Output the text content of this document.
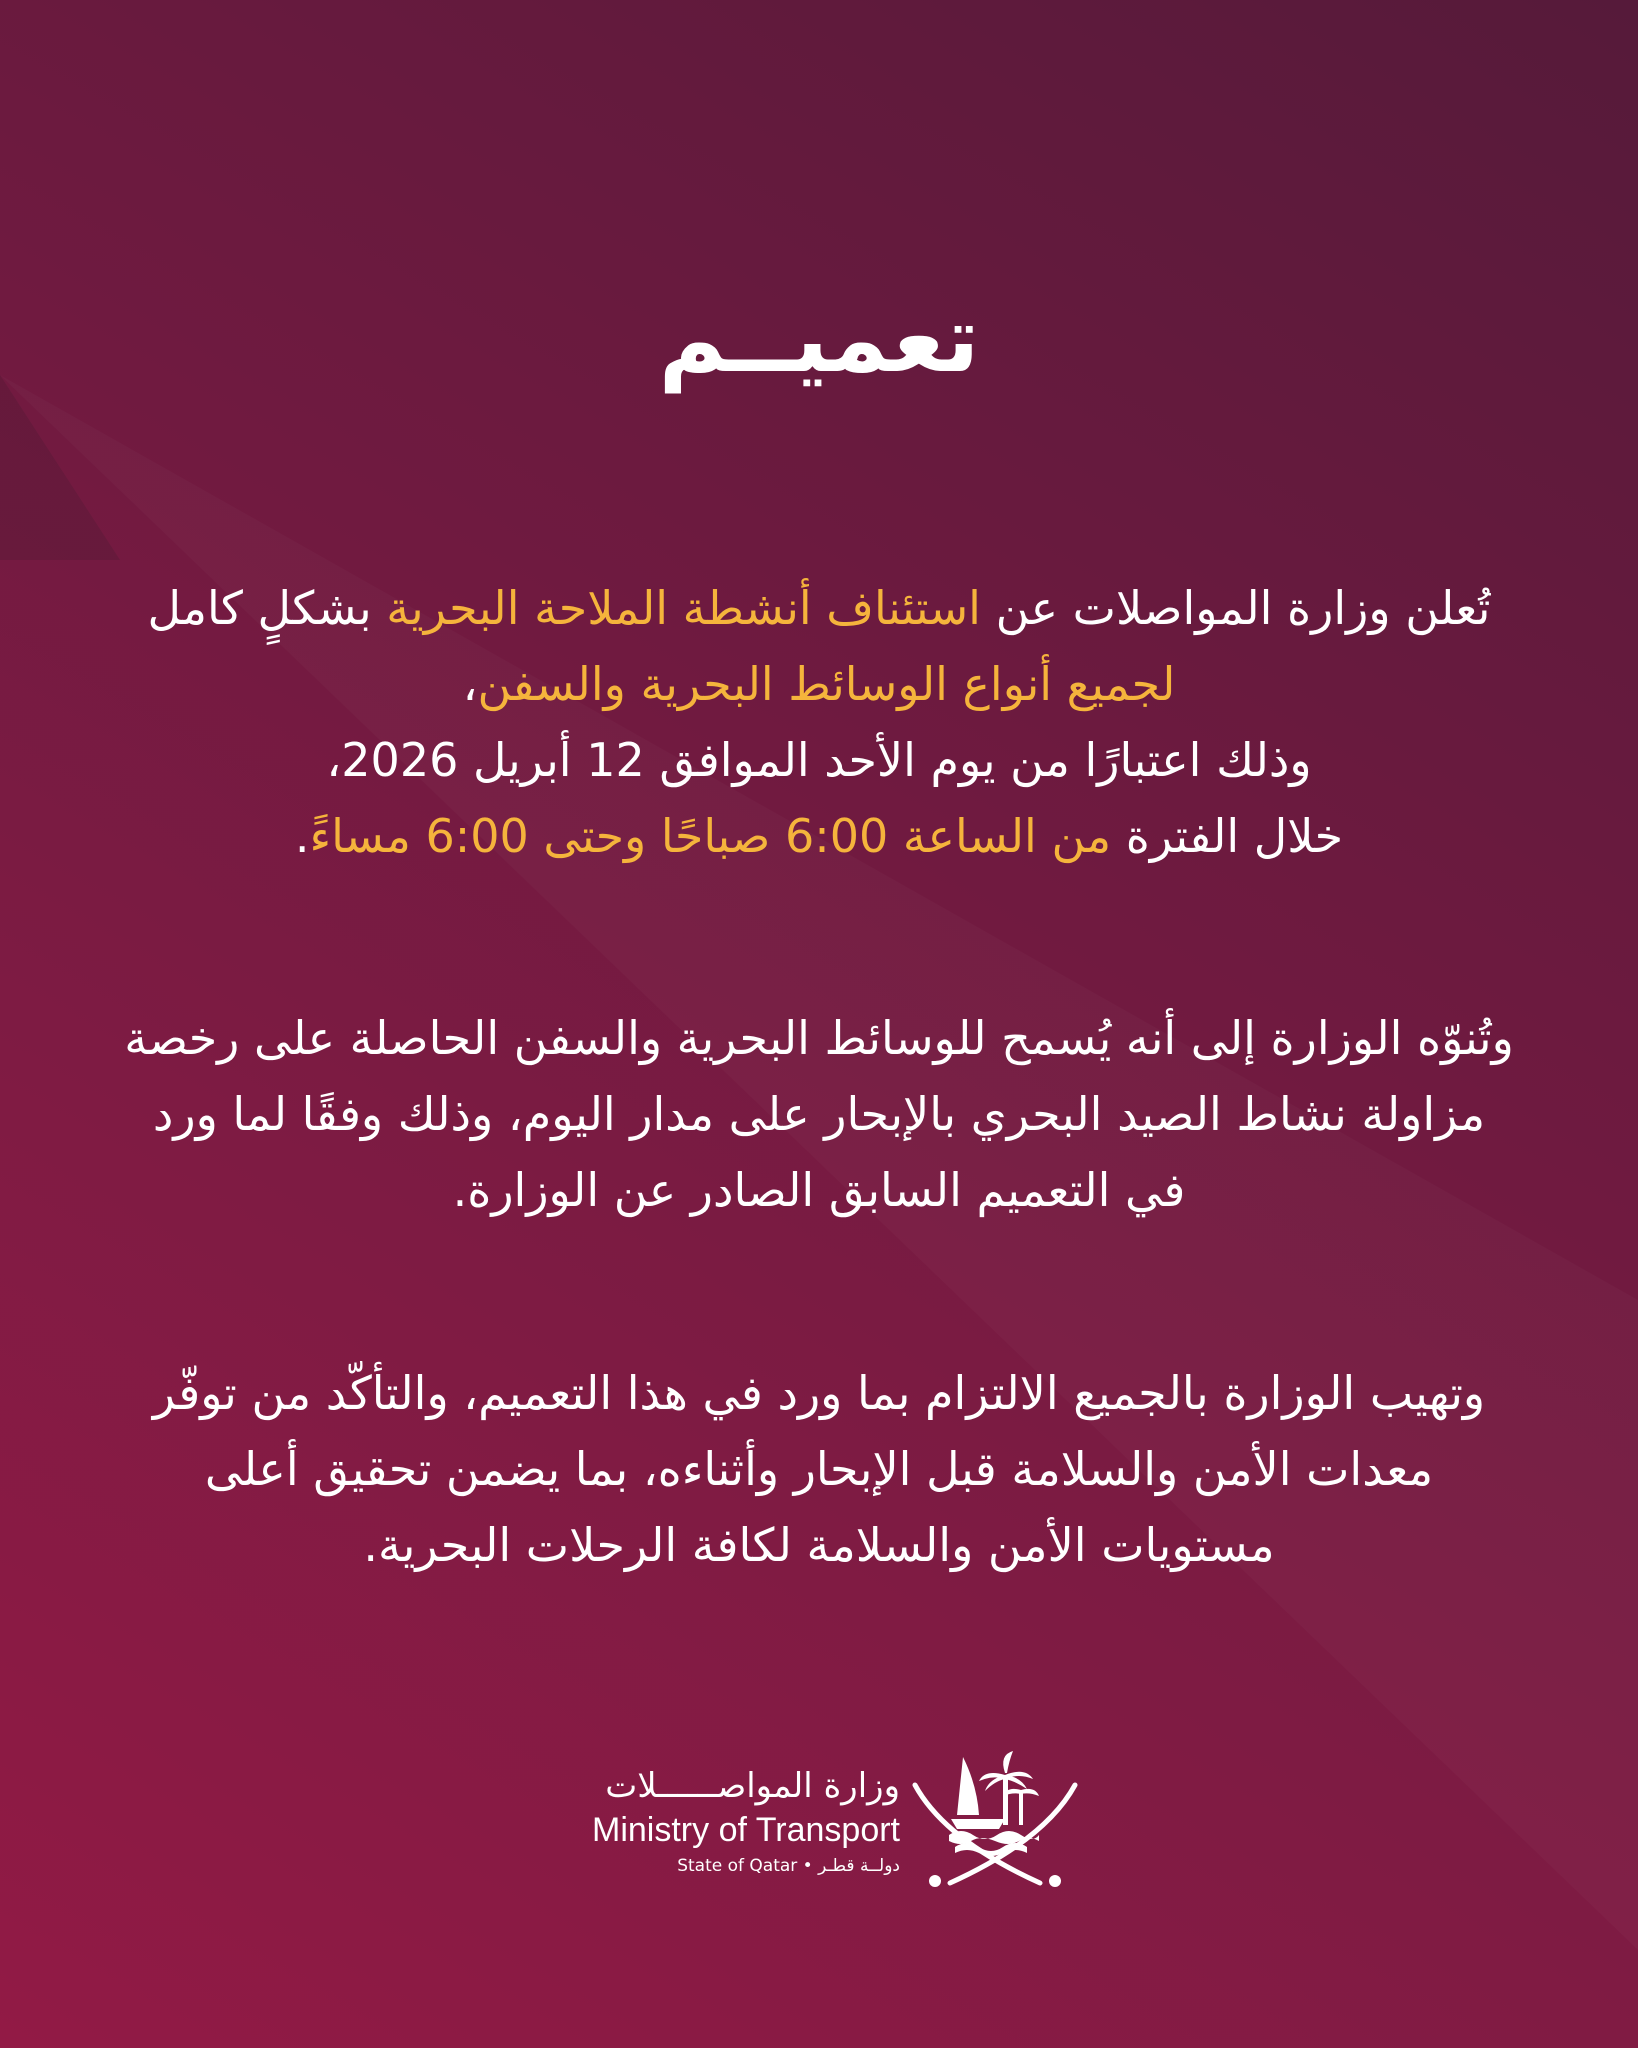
تعميــم
تُعلن وزارة المواصلات عن استئناف أنشطة الملاحة البحرية بشكلٍ كامل
لجميع أنواع الوسائط البحرية والسفن،
وذلك اعتبارًا من يوم الأحد الموافق 12 أبريل 2026،
خلال الفترة من الساعة 6:00 صباحًا وحتى 6:00 مساءً.
وتُنوّه الوزارة إلى أنه يُسمح للوسائط البحرية والسفن الحاصلة على رخصة
مزاولة نشاط الصيد البحري بالإبحار على مدار اليوم، وذلك وفقًا لما ورد
في التعميم السابق الصادر عن الوزارة.
وتهيب الوزارة بالجميع الالتزام بما ورد في هذا التعميم، والتأكّد من توفّر
معدات الأمن والسلامة قبل الإبحار وأثناءه، بما يضمن تحقيق أعلى
مستويات الأمن والسلامة لكافة الرحلات البحرية.
وزارة المواصــــــلات
Ministry of Transport
State of Qatar • دولــة قطـر
